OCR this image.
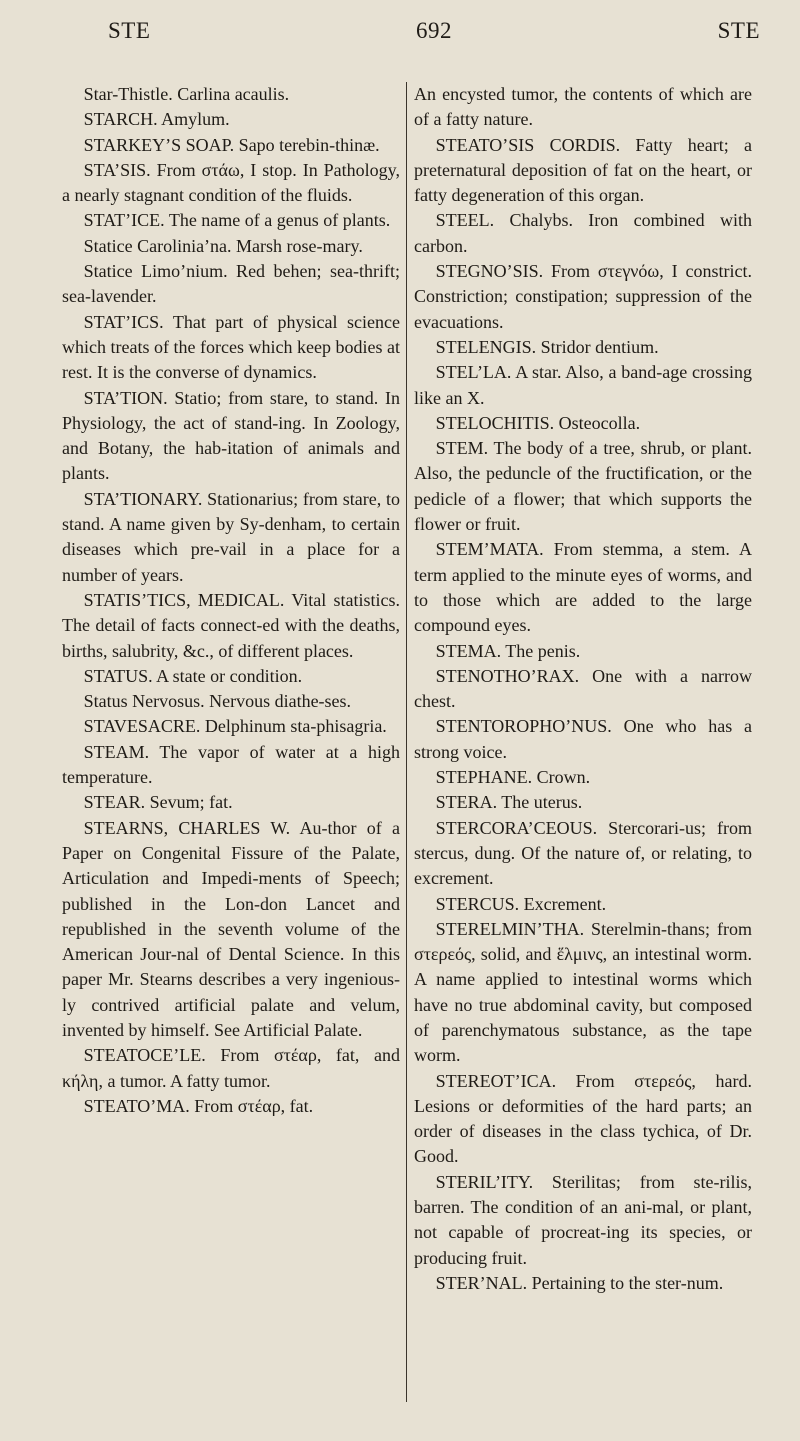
STE	692	STE

Star-Thistle. Carlina acaulis.

STARCH. Amylum.

STARKEY’S SOAP. Sapo terebin-thinæ.

STA’SIS. From στάω, I stop. In Pathology, a nearly stagnant condition of the fluids.

STAT’ICE. The name of a genus of plants.

Statice Carolinia’na. Marsh rose-mary.

Statice Limo’nium. Red behen; sea-thrift; sea-lavender.

STAT’ICS. That part of physical science which treats of the forces which keep bodies at rest. It is the converse of dynamics.

STA’TION. Statio; from stare, to stand. In Physiology, the act of stand-ing. In Zoology, and Botany, the hab-itation of animals and plants.

STA’TIONARY. Stationarius; from stare, to stand. A name given by Sy-denham, to certain diseases which pre-vail in a place for a number of years.

STATIS’TICS, MEDICAL. Vital statistics. The detail of facts connect-ed with the deaths, births, salubrity, &c., of different places.

STATUS. A state or condition.

Status Nervosus. Nervous diathe-ses.

STAVESACRE. Delphinum sta-phisagria.

STEAM. The vapor of water at a high temperature.

STEAR. Sevum; fat.

STEARNS, CHARLES W. Au-thor of a Paper on Congenital Fissure of the Palate, Articulation and Impedi-ments of Speech; published in the Lon-don Lancet and republished in the seventh volume of the American Jour-nal of Dental Science. In this paper Mr. Stearns describes a very ingenious-ly contrived artificial palate and velum, invented by himself. See Artificial Palate.

STEATOCE’LE. From στέαρ, fat, and κήλη, a tumor. A fatty tumor.

STEATO’MA. From στέαρ, fat.

An encysted tumor, the contents of which are of a fatty nature.

STEATO’SIS CORDIS. Fatty heart; a preternatural deposition of fat on the heart, or fatty degeneration of this organ.

STEEL. Chalybs. Iron combined with carbon.

STEGNO’SIS. From στεγνόω, I constrict. Constriction; constipation; suppression of the evacuations.

STELENGIS. Stridor dentium.

STEL’LA. A star. Also, a band-age crossing like an X.

STELOCHITIS. Osteocolla.

STEM. The body of a tree, shrub, or plant. Also, the peduncle of the fructification, or the pedicle of a flower; that which supports the flower or fruit.

STEM’MATA. From stemma, a stem. A term applied to the minute eyes of worms, and to those which are added to the large compound eyes.

STEMA. The penis.

STENOTHO’RAX. One with a narrow chest.

STENTOROPHO’NUS. One who has a strong voice.

STEPHANE. Crown.

STERA. The uterus.

STERCORA’CEOUS. Stercorari-us; from stercus, dung. Of the nature of, or relating, to excrement.

STERCUS. Excrement.

STERELMIN’THA. Sterelmin-thans; from στερεός, solid, and ἕλμινς, an intestinal worm. A name applied to intestinal worms which have no true abdominal cavity, but composed of parenchymatous substance, as the tape worm.

STEREOT’ICA. From στερεός, hard. Lesions or deformities of the hard parts; an order of diseases in the class tychica, of Dr. Good.

STERIL’ITY. Sterilitas; from ste-rilis, barren. The condition of an ani-mal, or plant, not capable of procreat-ing its species, or producing fruit.

STER’NAL. Pertaining to the ster-num.
